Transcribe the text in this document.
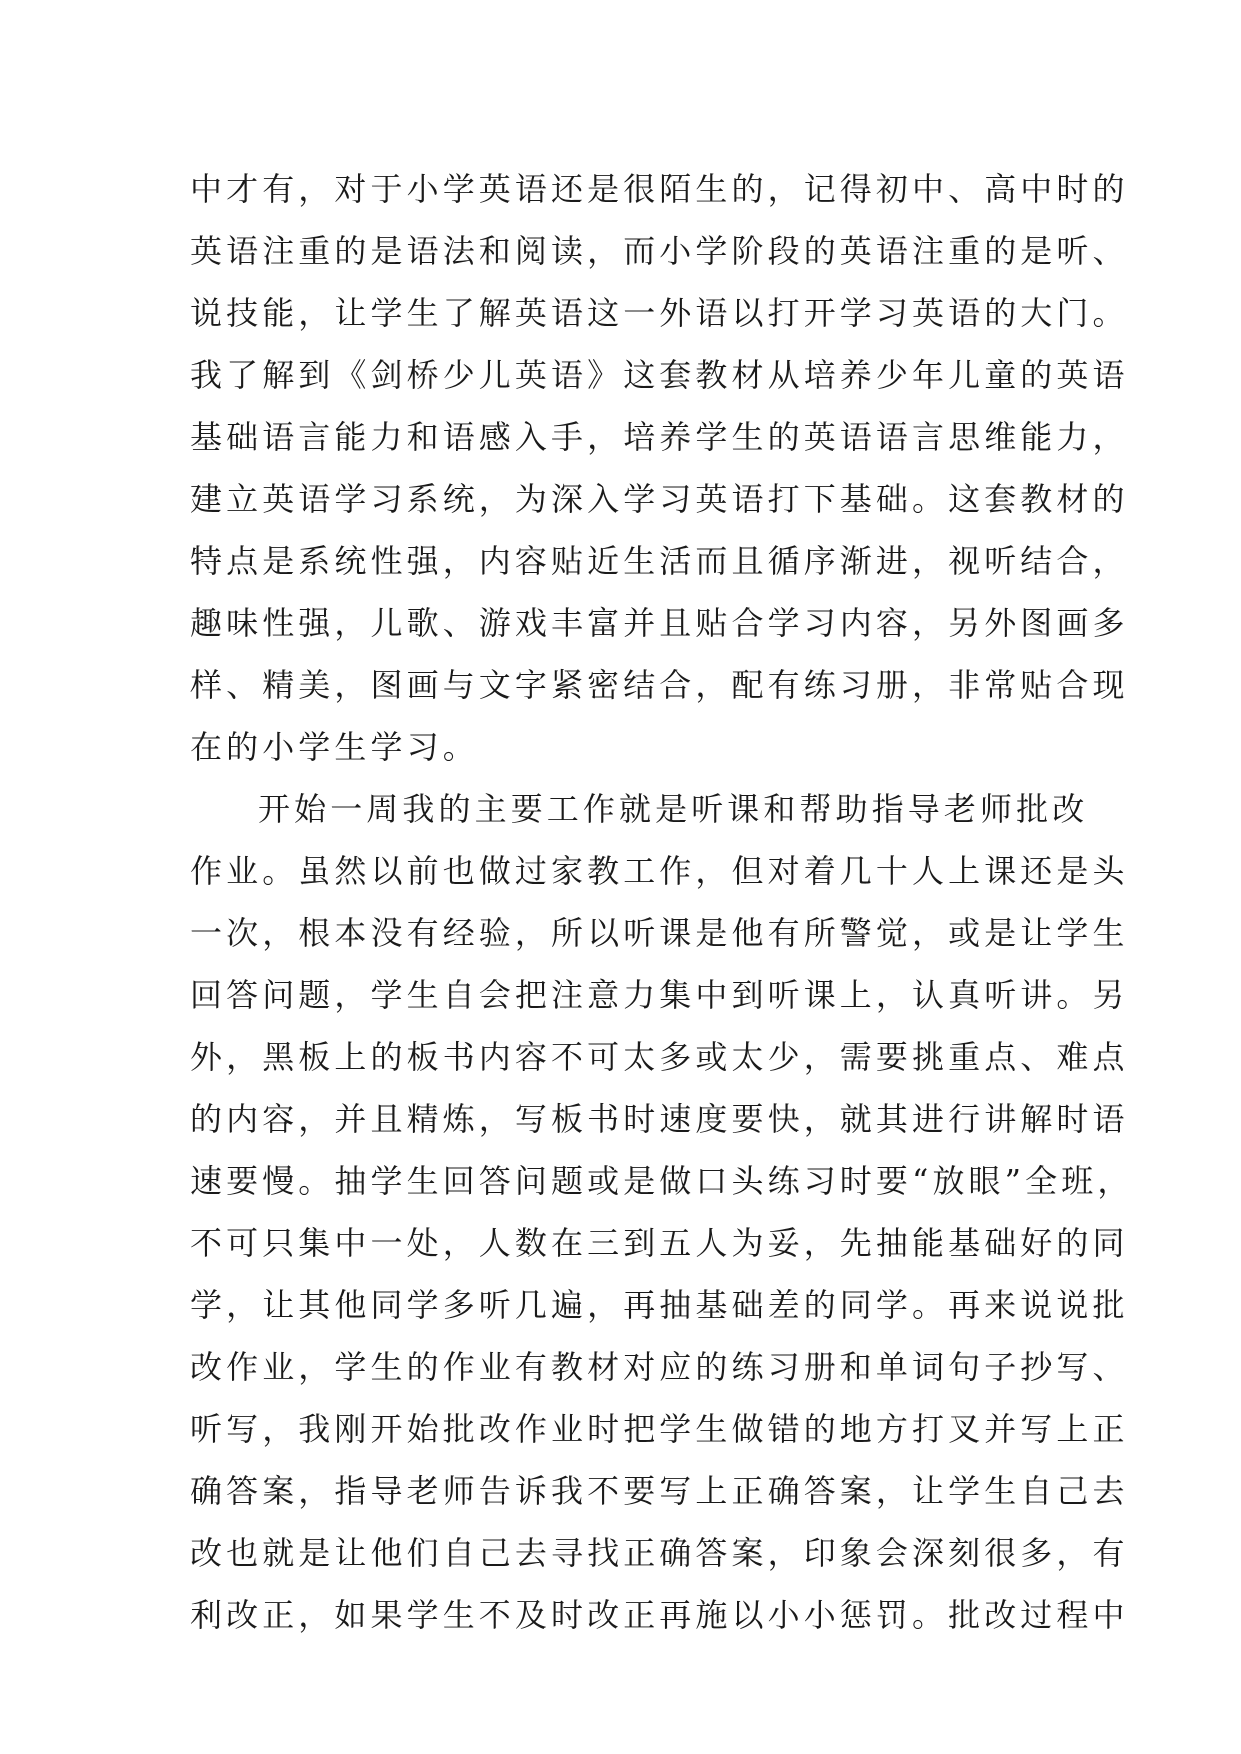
中才有，对于小学英语还是很陌生的，记得初中、高中时的
英语注重的是语法和阅读，而小学阶段的英语注重的是听、
说技能，让学生了解英语这一外语以打开学习英语的大门。
我了解到《剑桥少儿英语》这套教材从培养少年儿童的英语
基础语言能力和语感入手，培养学生的英语语言思维能力，
建立英语学习系统，为深入学习英语打下基础。这套教材的
特点是系统性强，内容贴近生活而且循序渐进，视听结合，
趣味性强，儿歌、游戏丰富并且贴合学习内容，另外图画多
样、精美，图画与文字紧密结合，配有练习册，非常贴合现
在的小学生学习。
开始一周我的主要工作就是听课和帮助指导老师批改
作业。虽然以前也做过家教工作，但对着几十人上课还是头
一次，根本没有经验，所以听课是他有所警觉，或是让学生
回答问题，学生自会把注意力集中到听课上，认真听讲。另
外，黑板上的板书内容不可太多或太少，需要挑重点、难点
的内容，并且精炼，写板书时速度要快，就其进行讲解时语
速要慢。抽学生回答问题或是做口头练习时要“放眼”全班，
不可只集中一处，人数在三到五人为妥，先抽能基础好的同
学，让其他同学多听几遍，再抽基础差的同学。再来说说批
改作业，学生的作业有教材对应的练习册和单词句子抄写、
听写，我刚开始批改作业时把学生做错的地方打叉并写上正
确答案，指导老师告诉我不要写上正确答案，让学生自己去
改也就是让他们自己去寻找正确答案，印象会深刻很多，有
利改正，如果学生不及时改正再施以小小惩罚。批改过程中
